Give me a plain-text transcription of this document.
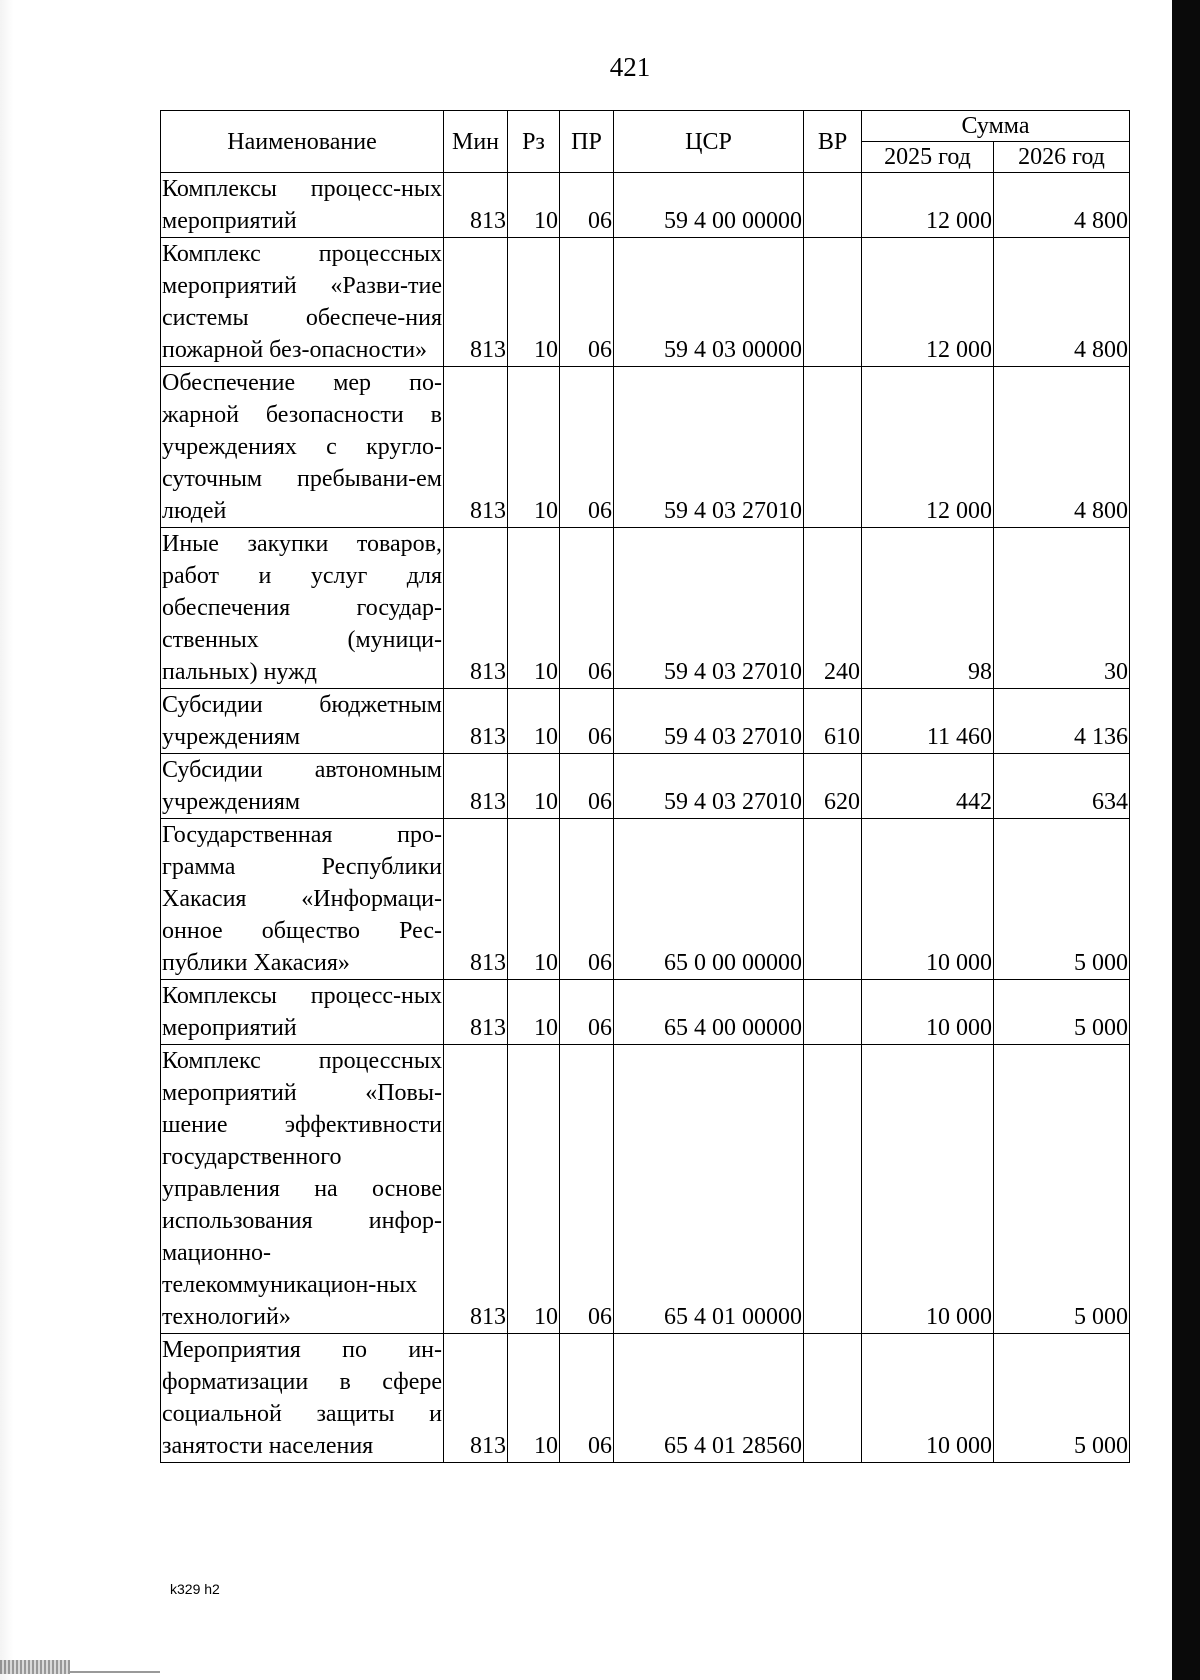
421
Наименование	Мин	Рз	ПР	ЦСР	ВР	Сумма	
						2025 год	2026 год
Комплексы процесс-ных мероприятий	813	10	06	59 4 00 00000		12 000	4 800
Комплекс процессных мероприятий «Разви-тие системы обеспече-ния пожарной без-опасности»	813	10	06	59 4 03 00000		12 000	4 800
Обеспечение мер по-жарной безопасности в учреждениях с кругло-суточным пребывани-ем людей	813	10	06	59 4 03 27010		12 000	4 800
Иные закупки товаров, работ и услуг для обеспечения государ-ственных (муници-пальных) нужд	813	10	06	59 4 03 27010	240	98	30
Субсидии бюджетным учреждениям	813	10	06	59 4 03 27010	610	11 460	4 136
Субсидии автономным учреждениям	813	10	06	59 4 03 27010	620	442	634
Государственная про-грамма Республики Хакасия «Информаци-онное общество Рес-публики Хакасия»	813	10	06	65 0 00 00000		10 000	5 000
Комплексы процесс-ных мероприятий	813	10	06	65 4 00 00000		10 000	5 000
Комплекс процессных мероприятий «Повы-шение эффективности государственного управления на основе использования инфор-мационно-телекоммуникацион-ных технологий»	813	10	06	65 4 01 00000		10 000	5 000
Мероприятия по ин-форматизации в сфере социальной защиты и занятости населения	813	10	06	65 4 01 28560		10 000	5 000
k329 h2
